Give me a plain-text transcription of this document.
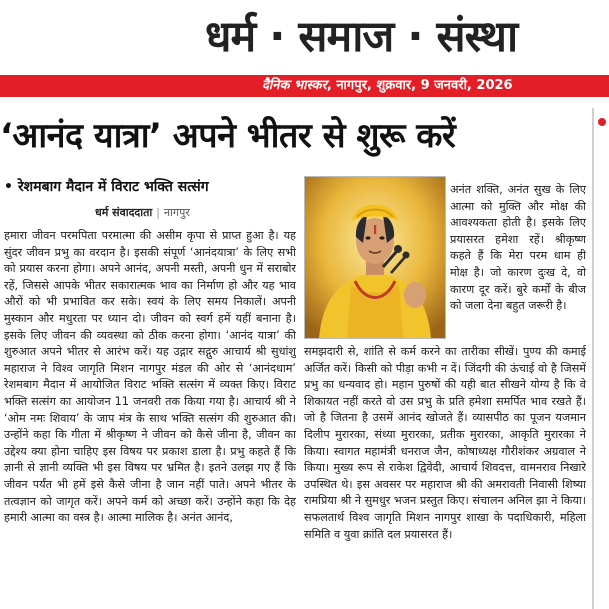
धर्म · समाज · संस्था
दैनिक भास्कर, नागपुर, शुक्रवार, 9 जनवरी, 2026
‘आनंद यात्रा’ अपने भीतर से शुरू करें
• रेशमबाग मैदान में विराट भक्ति सत्संग
धर्म संवाददाता | नागपुर

हमारा जीवन परमपिता परमात्मा की असीम कृपा से प्राप्त हुआ है। यह सुंदर जीवन प्रभु का वरदान है। इसकी संपूर्ण ‘आनंदयात्रा’ के लिए सभी को प्रयास करना होगा। अपने आनंद, अपनी मस्ती, अपनी धुन में सराबोर रहें, जिससे आपके भीतर सकारात्मक भाव का निर्माण हो और यह भाव औरों को भी प्रभावित कर सके। स्वयं के लिए समय निकालें। अपनी मुस्कान और मधुरता पर ध्यान दो। जीवन को स्वर्ग हमें यहीं बनाना है। इसके लिए जीवन की व्यवस्था को ठीक करना होगा। ‘आनंद यात्रा’ की शुरुआत अपने भीतर से आरंभ करें। यह उद्गार सद्गुरु आचार्य श्री सुधांशु महाराज ने विश्व जागृति मिशन नागपुर मंडल की ओर से ‘आनंदधाम’ रेशमबाग मैदान में आयोजित विराट भक्ति सत्संग में व्यक्त किए। विराट भक्ति सत्संग का आयोजन 11 जनवरी तक किया गया है। आचार्य श्री ने ‘ओम नमः शिवाय’ के जाप मंत्र के साथ भक्ति सत्संग की शुरुआत की। उन्होंने कहा कि गीता में श्रीकृष्ण ने जीवन को कैसे जीना है, जीवन का उद्देश्य क्या होना चाहिए इस विषय पर प्रकाश डाला है। प्रभु कहते हैं कि ज्ञानी से ज्ञानी व्यक्ति भी इस विषय पर भ्रमित है। इतने उलझ गए हैं कि जीवन पर्यंत भी हमें इसे कैसे जीना है जान नहीं पाते। अपने भीतर के तत्वज्ञान को जागृत करें। अपने कर्म को अच्छा करें। उन्होंने कहा कि देह हमारी आत्मा का वस्त्र है। आत्मा मालिक है। अनंत आनंद,

अनंत शक्ति, अनंत सुख के लिए आत्मा को मुक्ति और मोक्ष की आवश्यकता होती है। इसके लिए प्रयासरत हमेशा रहें। श्रीकृष्ण कहते हैं कि मेरा परम धाम ही मोक्ष है। जो कारण दुःख दे, वो कारण दूर करें। बुरे कर्मों के बीज को जला देना बहुत जरूरी है।

समझदारी से, शांति से कर्म करने का तारीका सीखें। पुण्य की कमाई अर्जित करें। किसी को पीड़ा कभी न दें। जिंदगी की ऊंचाई वो है जिसमें प्रभु का धन्यवाद हो। महान पुरुषों की यही बात सीखने योग्य है कि वे शिकायत नहीं करते वो उस प्रभु के प्रति हमेशा समर्पित भाव रखते हैं। जो है जितना है उसमें आनंद खोजते हैं। व्यासपीठ का पूजन यजमान दिलीप मुरारका, संध्या मुरारका, प्रतीक मुरारका, आकृति मुरारका ने किया। स्वागत महामंत्री धनराज जैन, कोषाध्यक्ष गौरीशंकर अग्रवाल ने किया। मुख्य रूप से राकेश द्विवेदी, आचार्य शिवदत्त, वामनराव निखारे उपस्थित थे। इस अवसर पर महाराज श्री की अमरावती निवासी शिष्या रामप्रिया श्री ने सुमधुर भजन प्रस्तुत किए। संचालन अनिल झा ने किया। सफलतार्थ विश्व जागृति मिशन नागपुर शाखा के पदाधिकारी, महिला समिति व युवा क्रांति दल प्रयासरत हैं।
